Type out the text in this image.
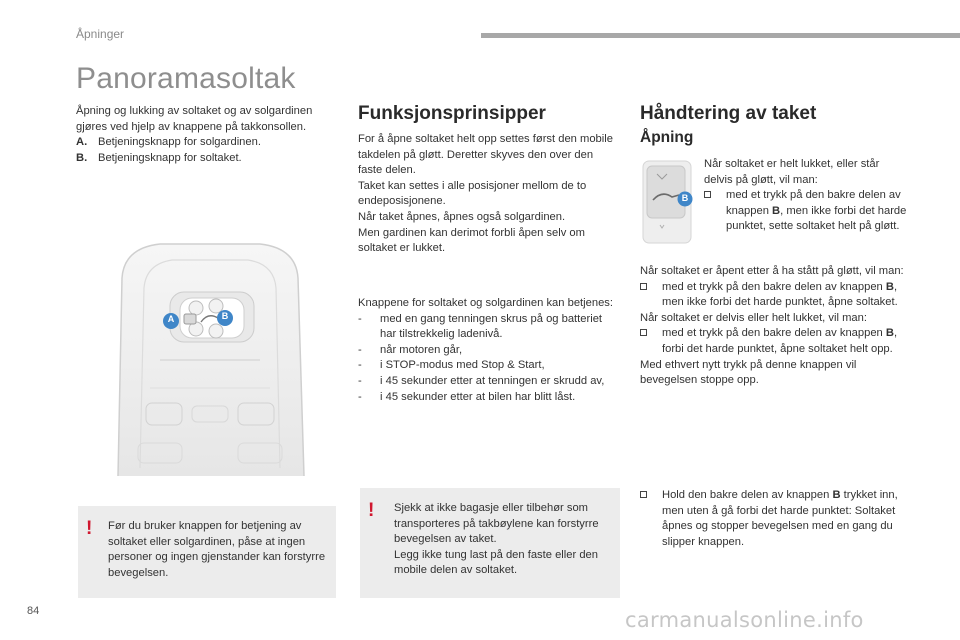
Åpninger
Panoramasoltak

Åpning og lukking av soltaket og av solgardinen gjøres ved hjelp av knappene på takkonsollen.

A. Betjeningsknapp for solgardinen.
B. Betjeningsknapp for soltaket.
A	B
! Før du bruker knappen for betjening av soltaket eller solgardinen, påse at ingen personer og ingen gjenstander kan forstyrre bevegelsen.
Funksjonsprinsipper

For å åpne soltaket helt opp settes først den mobile takdelen på gløtt. Deretter skyves den over den faste delen.

Taket kan settes i alle posisjoner mellom de to endeposisjonene.

Når taket åpnes, åpnes også solgardinen.

Men gardinen kan derimot forbli åpen selv om soltaket er lukket.

Knappene for soltaket og solgardinen kan betjenes:

-	med en gang tenningen skrus på og batteriet har tilstrekkelig ladenivå.
-	når motoren går,
-	i STOP-modus med Stop & Start,
-	i 45 sekunder etter at tenningen er skrudd av,
-	i 45 sekunder etter at bilen har blitt låst.
! Sjekk at ikke bagasje eller tilbehør som transporteres på takbøylene kan forstyrre bevegelsen av taket.

Legg ikke tung last på den faste eller den mobile delen av soltaket.

Håndtering av taket
Åpning
B

Når soltaket er helt lukket, eller står delvis på gløtt, vil man:

med et trykk på den bakre delen av knappen B, men ikke forbi det harde punktet, sette soltaket helt på gløtt.

Når soltaket er åpent etter å ha stått på gløtt, vil man:

med et trykk på den bakre delen av knappen B, men ikke forbi det harde punktet, åpne soltaket.

Når soltaket er delvis eller helt lukket, vil man:

med et trykk på den bakre delen av knappen B, forbi det harde punktet, åpne soltaket helt opp.

Med ethvert nytt trykk på denne knappen vil bevegelsen stoppe opp.

Hold den bakre delen av knappen B trykket inn, men uten å gå forbi det harde punktet: Soltaket åpnes og stopper bevegelsen med en gang du slipper knappen.
84	carmanualsonline.info
